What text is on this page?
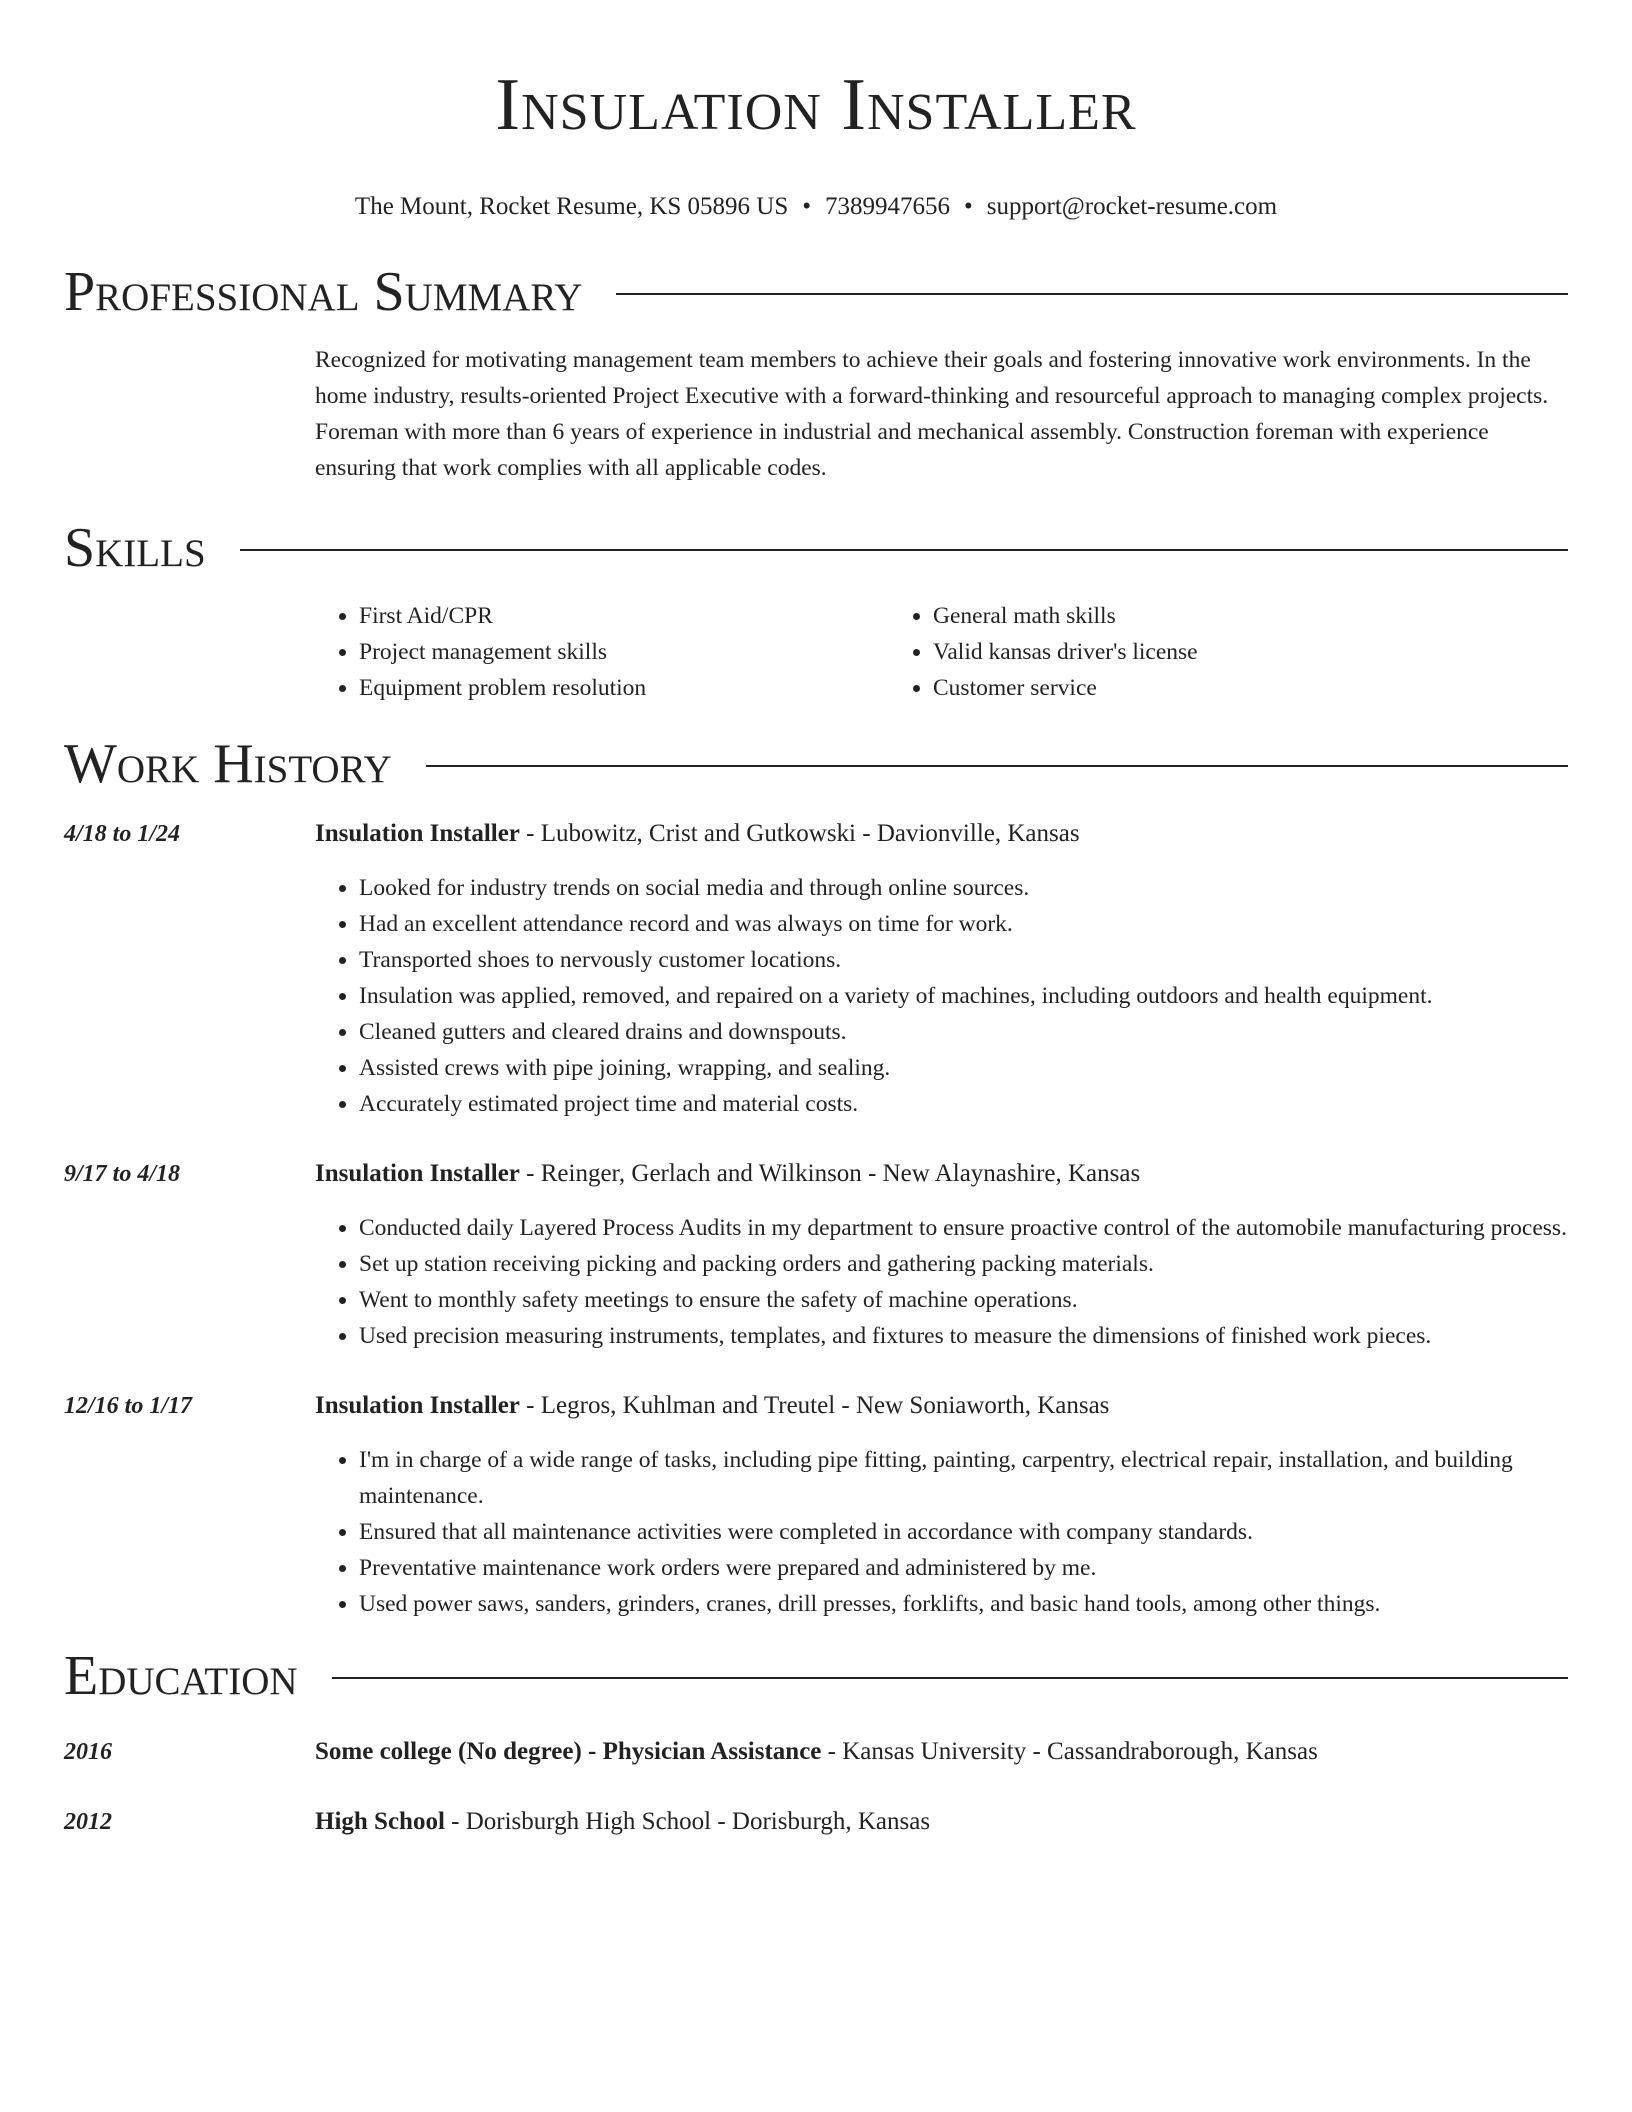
Insulation Installer
The Mount, Rocket Resume, KS 05896 US • 7389947656 • support@rocket-resume.com
Professional Summary
Recognized for motivating management team members to achieve their goals and fostering innovative work environments. In the home industry, results-oriented Project Executive with a forward-thinking and resourceful approach to managing complex projects. Foreman with more than 6 years of experience in industrial and mechanical assembly. Construction foreman with experience ensuring that work complies with all applicable codes.
Skills
• First Aid/CPR
• Project management skills
• Equipment problem resolution
• General math skills
• Valid kansas driver's license
• Customer service
Work History
4/18 to 1/24	Insulation Installer - Lubowitz, Crist and Gutkowski - Davionville, Kansas
• Looked for industry trends on social media and through online sources.
• Had an excellent attendance record and was always on time for work.
• Transported shoes to nervously customer locations.
• Insulation was applied, removed, and repaired on a variety of machines, including outdoors and health equipment.
• Cleaned gutters and cleared drains and downspouts.
• Assisted crews with pipe joining, wrapping, and sealing.
• Accurately estimated project time and material costs.
9/17 to 4/18	Insulation Installer - Reinger, Gerlach and Wilkinson - New Alaynashire, Kansas
• Conducted daily Layered Process Audits in my department to ensure proactive control of the automobile manufacturing process.
• Set up station receiving picking and packing orders and gathering packing materials.
• Went to monthly safety meetings to ensure the safety of machine operations.
• Used precision measuring instruments, templates, and fixtures to measure the dimensions of finished work pieces.
12/16 to 1/17	Insulation Installer - Legros, Kuhlman and Treutel - New Soniaworth, Kansas
• I'm in charge of a wide range of tasks, including pipe fitting, painting, carpentry, electrical repair, installation, and building maintenance.
• Ensured that all maintenance activities were completed in accordance with company standards.
• Preventative maintenance work orders were prepared and administered by me.
• Used power saws, sanders, grinders, cranes, drill presses, forklifts, and basic hand tools, among other things.
Education
2016	Some college (No degree) - Physician Assistance - Kansas University - Cassandraborough, Kansas
2012	High School - Dorisburgh High School - Dorisburgh, Kansas
